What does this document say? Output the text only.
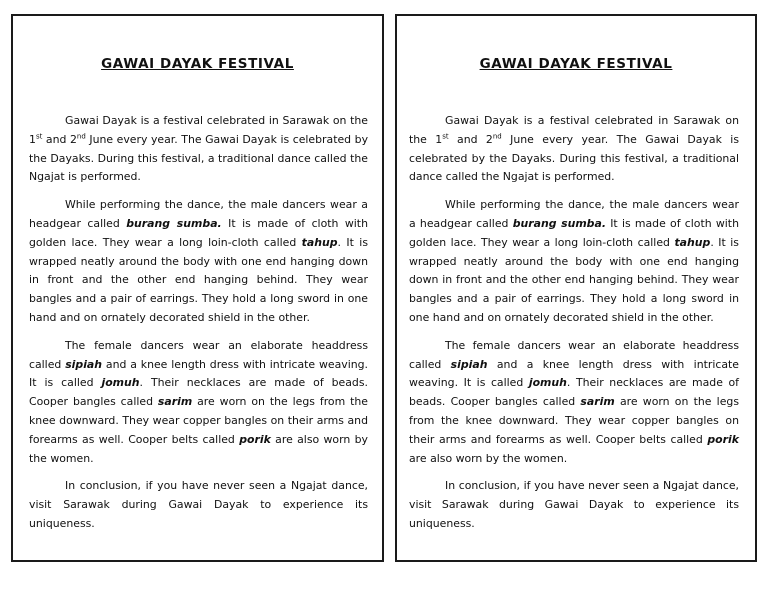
GAWAI DAYAK FESTIVAL

Gawai Dayak is a festival celebrated in Sarawak on the 1st and 2nd June every year. The Gawai Dayak is celebrated by the Dayaks. During this festival, a traditional dance called the Ngajat is performed.

While performing the dance, the male dancers wear a headgear called burang sumba. It is made of cloth with golden lace. They wear a long loin-cloth called tahup. It is wrapped neatly around the body with one end hanging down in front and the other end hanging behind. They wear bangles and a pair of earrings. They hold a long sword in one hand and on ornately decorated shield in the other.

The female dancers wear an elaborate headdress called sipiah and a knee length dress with intricate weaving. It is called jomuh. Their necklaces are made of beads. Cooper bangles called sarim are worn on the legs from the knee downward. They wear copper bangles on their arms and forearms as well. Cooper belts called porik are also worn by the women.

In conclusion, if you have never seen a Ngajat dance, visit Sarawak during Gawai Dayak to experience its uniqueness.

GAWAI DAYAK FESTIVAL

Gawai Dayak is a festival celebrated in Sarawak on the 1st and 2nd June every year. The Gawai Dayak is celebrated by the Dayaks. During this festival, a traditional dance called the Ngajat is performed.

While performing the dance, the male dancers wear a headgear called burang sumba. It is made of cloth with golden lace. They wear a long loin-cloth called tahup. It is wrapped neatly around the body with one end hanging down in front and the other end hanging behind. They wear bangles and a pair of earrings. They hold a long sword in one hand and on ornately decorated shield in the other.

The female dancers wear an elaborate headdress called sipiah and a knee length dress with intricate weaving. It is called jomuh. Their necklaces are made of beads. Cooper bangles called sarim are worn on the legs from the knee downward. They wear copper bangles on their arms and forearms as well. Cooper belts called porik are also worn by the women.

In conclusion, if you have never seen a Ngajat dance, visit Sarawak during Gawai Dayak to experience its uniqueness.
